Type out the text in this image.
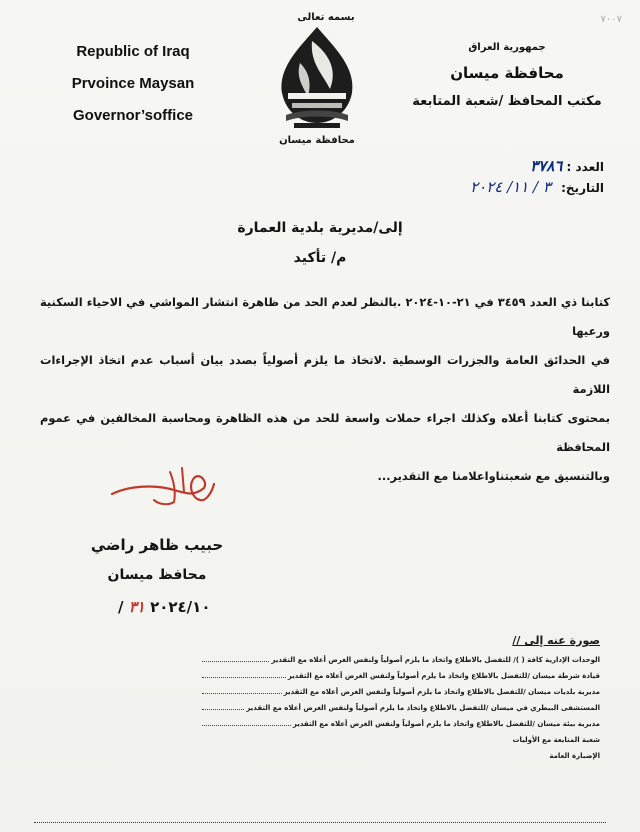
٧٠٠٧
Republic of Iraq
Prvoince Maysan
Governor’soffice
بسمه تعالى
محافظة ميسان
جمهورية العراق
محافظة ميسان
مكتب المحافظ /شعبة المتابعة
العدد : ٣٧٨٦
التاريخ: ٣ / ١١/ ٢٠٢٤
إلى/مديرية بلدية العمارة
م/ تأكيد
كتابنا ذي العدد ٣٤٥٩ في ٢١-١٠-٢٠٢٤ .بالنظر لعدم الحد من ظاهرة انتشار المواشي في الاحياء السكنية ورعيها
في الحدائق العامة والجزرات الوسطية .لاتخاذ ما يلزم أصولياً بصدد بيان أسباب عدم اتخاذ الإجراءات اللازمة
بمحتوى كتابنا أعلاه وكذلك اجراء حملات واسعة للحد من هذه الظاهرة ومحاسبة المخالفين في عموم المحافظة
وبالتنسيق مع شعبتناواعلامنا مع التقدير...
حبيب ظاهر راضي
محافظ ميسان
/ ٢٠٢٤/١٠ ٣١
صورة عنه إلى //
الوحدات الإدارية كافة ( )/ للتفضل بالاطلاع واتخاذ ما يلزم أصولياً ولنفس الغرض أعلاه مع التقدير
قيادة شرطة ميسان /للتفضل بالاطلاع واتخاذ ما يلزم أصولياً ولنفس الغرض أعلاه مع التقدير
مديرية بلديات ميسان /للتفضل بالاطلاع واتخاذ ما يلزم أصولياً ولنفس الغرض أعلاه مع التقدير
المستشفى البيطري في ميسان /للتفضل بالاطلاع واتخاذ ما يلزم أصولياً ولنفس الغرض أعلاه مع التقدير
مديرية بيئة ميسان /للتفضل بالاطلاع واتخاذ ما يلزم أصولياً ولنفس الغرض أعلاه مع التقدير
شعبة المتابعة مع الأوليات
الإضبارة العامة
